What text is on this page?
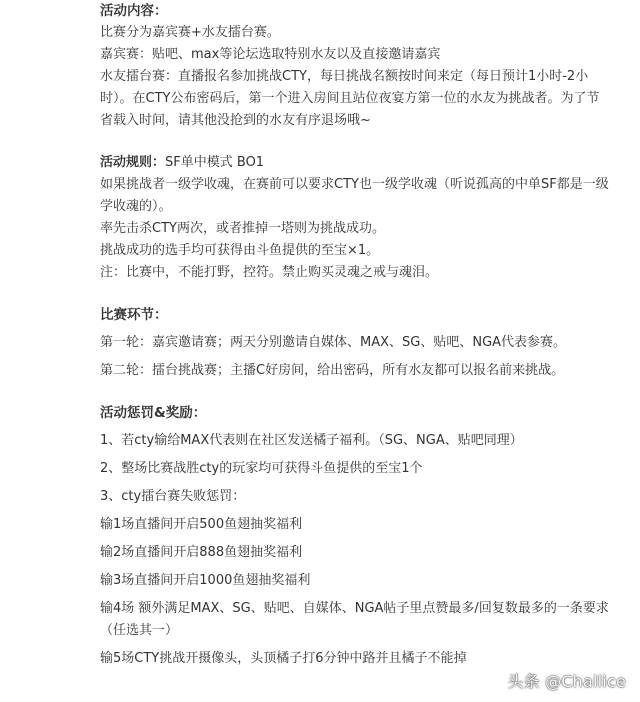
活动内容：
比赛分为嘉宾赛+水友擂台赛。
嘉宾赛：贴吧、max等论坛选取特别水友以及直接邀请嘉宾
水友擂台赛：直播报名参加挑战CTY，每日挑战名额按时间来定（每日预计1小时-2小
时）。在CTY公布密码后，第一个进入房间且站位夜宴方第一位的水友为挑战者。为了节
省载入时间，请其他没抢到的水友有序退场哦~
活动规则：SF单中模式 BO1
如果挑战者一级学收魂，在赛前可以要求CTY也一级学收魂（听说孤高的中单SF都是一级
学收魂的）。
率先击杀CTY两次，或者推掉一塔则为挑战成功。
挑战成功的选手均可获得由斗鱼提供的至宝×1。
注：比赛中，不能打野，控符。禁止购买灵魂之戒与魂泪。
比赛环节：
第一轮：嘉宾邀请赛；两天分别邀请自媒体、MAX、SG、贴吧、NGA代表参赛。
第二轮：擂台挑战赛；主播C好房间，给出密码，所有水友都可以报名前来挑战。
活动惩罚&奖励：
1、若cty输给MAX代表则在社区发送橘子福利。（SG、NGA、贴吧同理）
2、整场比赛战胜cty的玩家均可获得斗鱼提供的至宝1个
3、cty擂台赛失败惩罚：
输1场直播间开启500鱼翅抽奖福利
输2场直播间开启888鱼翅抽奖福利
输3场直播间开启1000鱼翅抽奖福利
输4场 额外满足MAX、SG、贴吧、自媒体、NGA帖子里点赞最多/回复数最多的一条要求
（任选其一）
输5场CTY挑战开摄像头，头顶橘子打6分钟中路并且橘子不能掉
头条 @Challice
